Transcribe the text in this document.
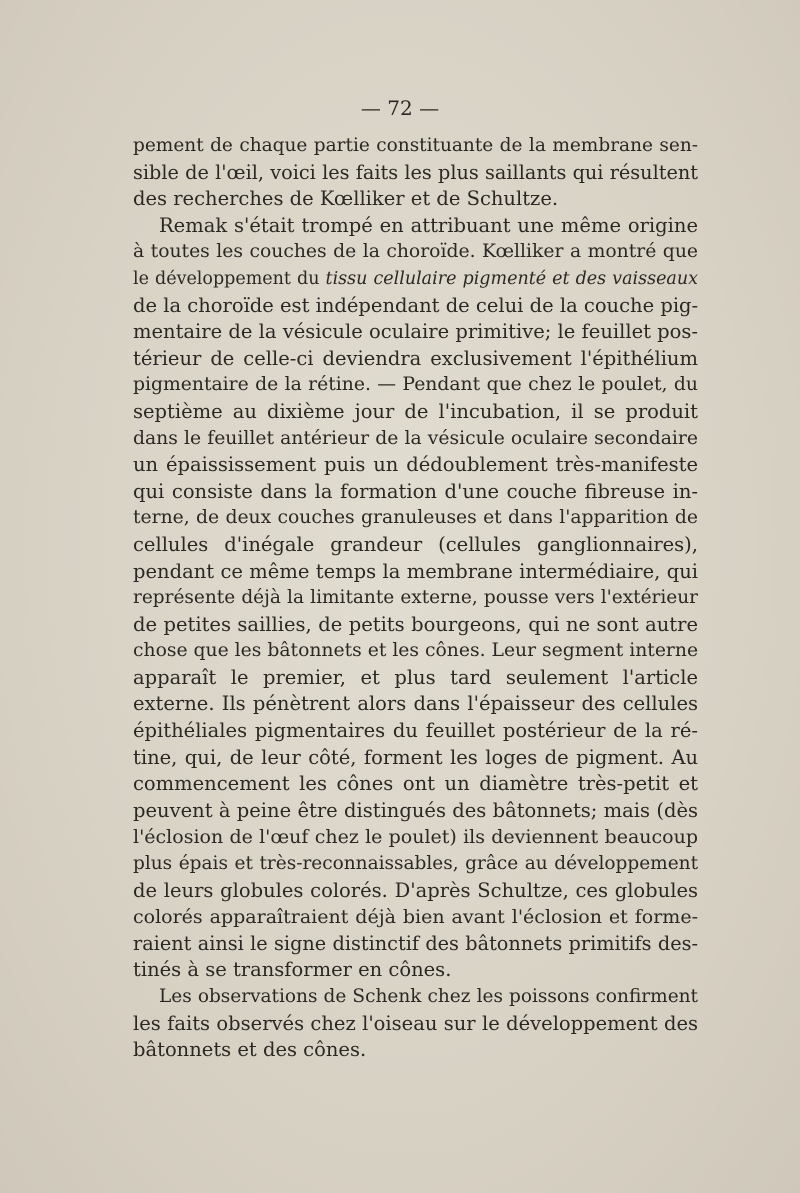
— 72 —
pement de chaque partie constituante de la membrane sen-
sible de l'œil, voici les faits les plus saillants qui résultent
des recherches de Kœlliker et de Schultze.
Remak s'était trompé en attribuant une même origine
à toutes les couches de la choroïde. Kœlliker a montré que
le développement du tissu cellulaire pigmenté et des vaisseaux
de la choroïde est indépendant de celui de la couche pig-
mentaire de la vésicule oculaire primitive; le feuillet pos-
térieur de celle-ci deviendra exclusivement l'épithélium
pigmentaire de la rétine. — Pendant que chez le poulet, du
septième au dixième jour de l'incubation, il se produit
dans le feuillet antérieur de la vésicule oculaire secondaire
un épaississement puis un dédoublement très-manifeste
qui consiste dans la formation d'une couche fibreuse in-
terne, de deux couches granuleuses et dans l'apparition de
cellules d'inégale grandeur (cellules ganglionnaires),
pendant ce même temps la membrane intermédiaire, qui
représente déjà la limitante externe, pousse vers l'extérieur
de petites saillies, de petits bourgeons, qui ne sont autre
chose que les bâtonnets et les cônes. Leur segment interne
apparaît le premier, et plus tard seulement l'article
externe. Ils pénètrent alors dans l'épaisseur des cellules
épithéliales pigmentaires du feuillet postérieur de la ré-
tine, qui, de leur côté, forment les loges de pigment. Au
commencement les cônes ont un diamètre très-petit et
peuvent à peine être distingués des bâtonnets; mais (dès
l'éclosion de l'œuf chez le poulet) ils deviennent beaucoup
plus épais et très-reconnaissables, grâce au développement
de leurs globules colorés. D'après Schultze, ces globules
colorés apparaîtraient déjà bien avant l'éclosion et forme-
raient ainsi le signe distinctif des bâtonnets primitifs des-
tinés à se transformer en cônes.
Les observations de Schenk chez les poissons confirment
les faits observés chez l'oiseau sur le développement des
bâtonnets et des cônes.
